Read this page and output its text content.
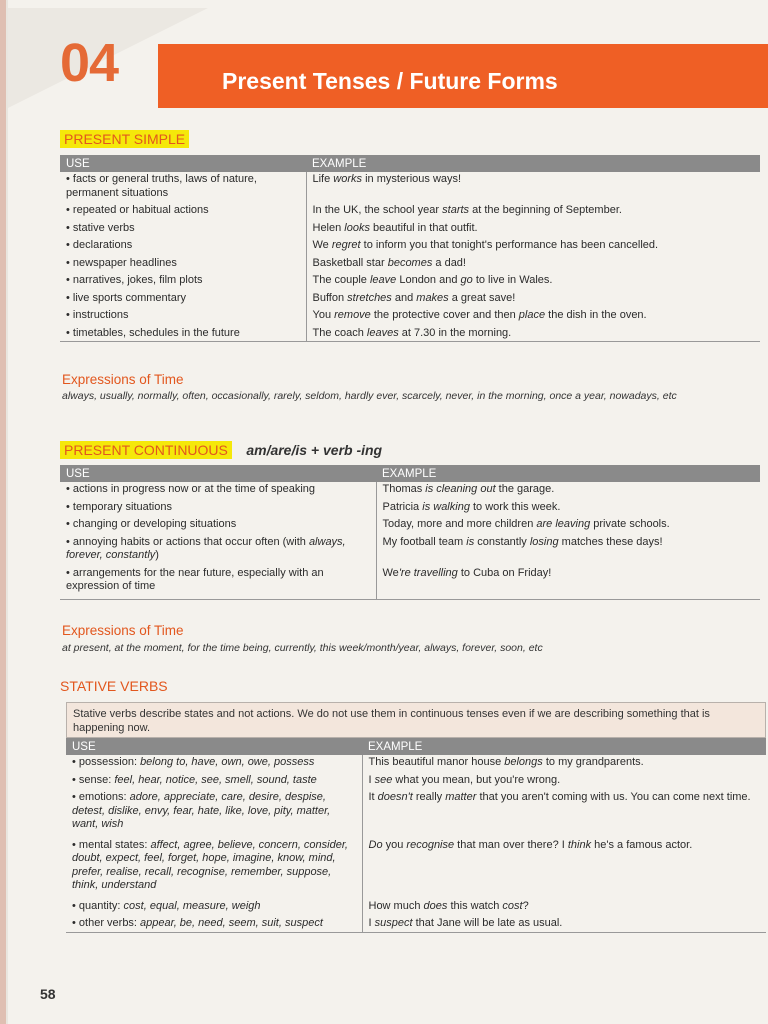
04	Present Tenses / Future Forms
PRESENT SIMPLE
USE	EXAMPLE
• facts or general truths, laws of nature, permanent situations	Life works in mysterious ways!
• repeated or habitual actions	In the UK, the school year starts at the beginning of September.
• stative verbs	Helen looks beautiful in that outfit.
• declarations	We regret to inform you that tonight's performance has been cancelled.
• newspaper headlines	Basketball star becomes a dad!
• narratives, jokes, film plots	The couple leave London and go to live in Wales.
• live sports commentary	Buffon stretches and makes a great save!
• instructions	You remove the protective cover and then place the dish in the oven.
• timetables, schedules in the future	The coach leaves at 7.30 in the morning.
Expressions of Time
always, usually, normally, often, occasionally, rarely, seldom, hardly ever, scarcely, never, in the morning, once a year, nowadays, etc
PRESENT CONTINUOUS am/are/is + verb -ing
USE	EXAMPLE
• actions in progress now or at the time of speaking	Thomas is cleaning out the garage.
• temporary situations	Patricia is walking to work this week.
• changing or developing situations	Today, more and more children are leaving private schools.
• annoying habits or actions that occur often (with always, forever, constantly)	My football team is constantly losing matches these days!
• arrangements for the near future, especially with an expression of time	We're travelling to Cuba on Friday!
Expressions of Time
at present, at the moment, for the time being, currently, this week/month/year, always, forever, soon, etc
STATIVE VERBS
Stative verbs describe states and not actions. We do not use them in continuous tenses even if we are describing something that is happening now.
USE	EXAMPLE
• possession: belong to, have, own, owe, possess	This beautiful manor house belongs to my grandparents.
• sense: feel, hear, notice, see, smell, sound, taste	I see what you mean, but you're wrong.
• emotions: adore, appreciate, care, desire, despise, detest, dislike, envy, fear, hate, like, love, pity, matter, want, wish	It doesn't really matter that you aren't coming with us. You can come next time.
• mental states: affect, agree, believe, concern, consider, doubt, expect, feel, forget, hope, imagine, know, mind, prefer, realise, recall, recognise, remember, suppose, think, understand	Do you recognise that man over there? I think he's a famous actor.
• quantity: cost, equal, measure, weigh	How much does this watch cost?
• other verbs: appear, be, need, seem, suit, suspect	I suspect that Jane will be late as usual.
58
